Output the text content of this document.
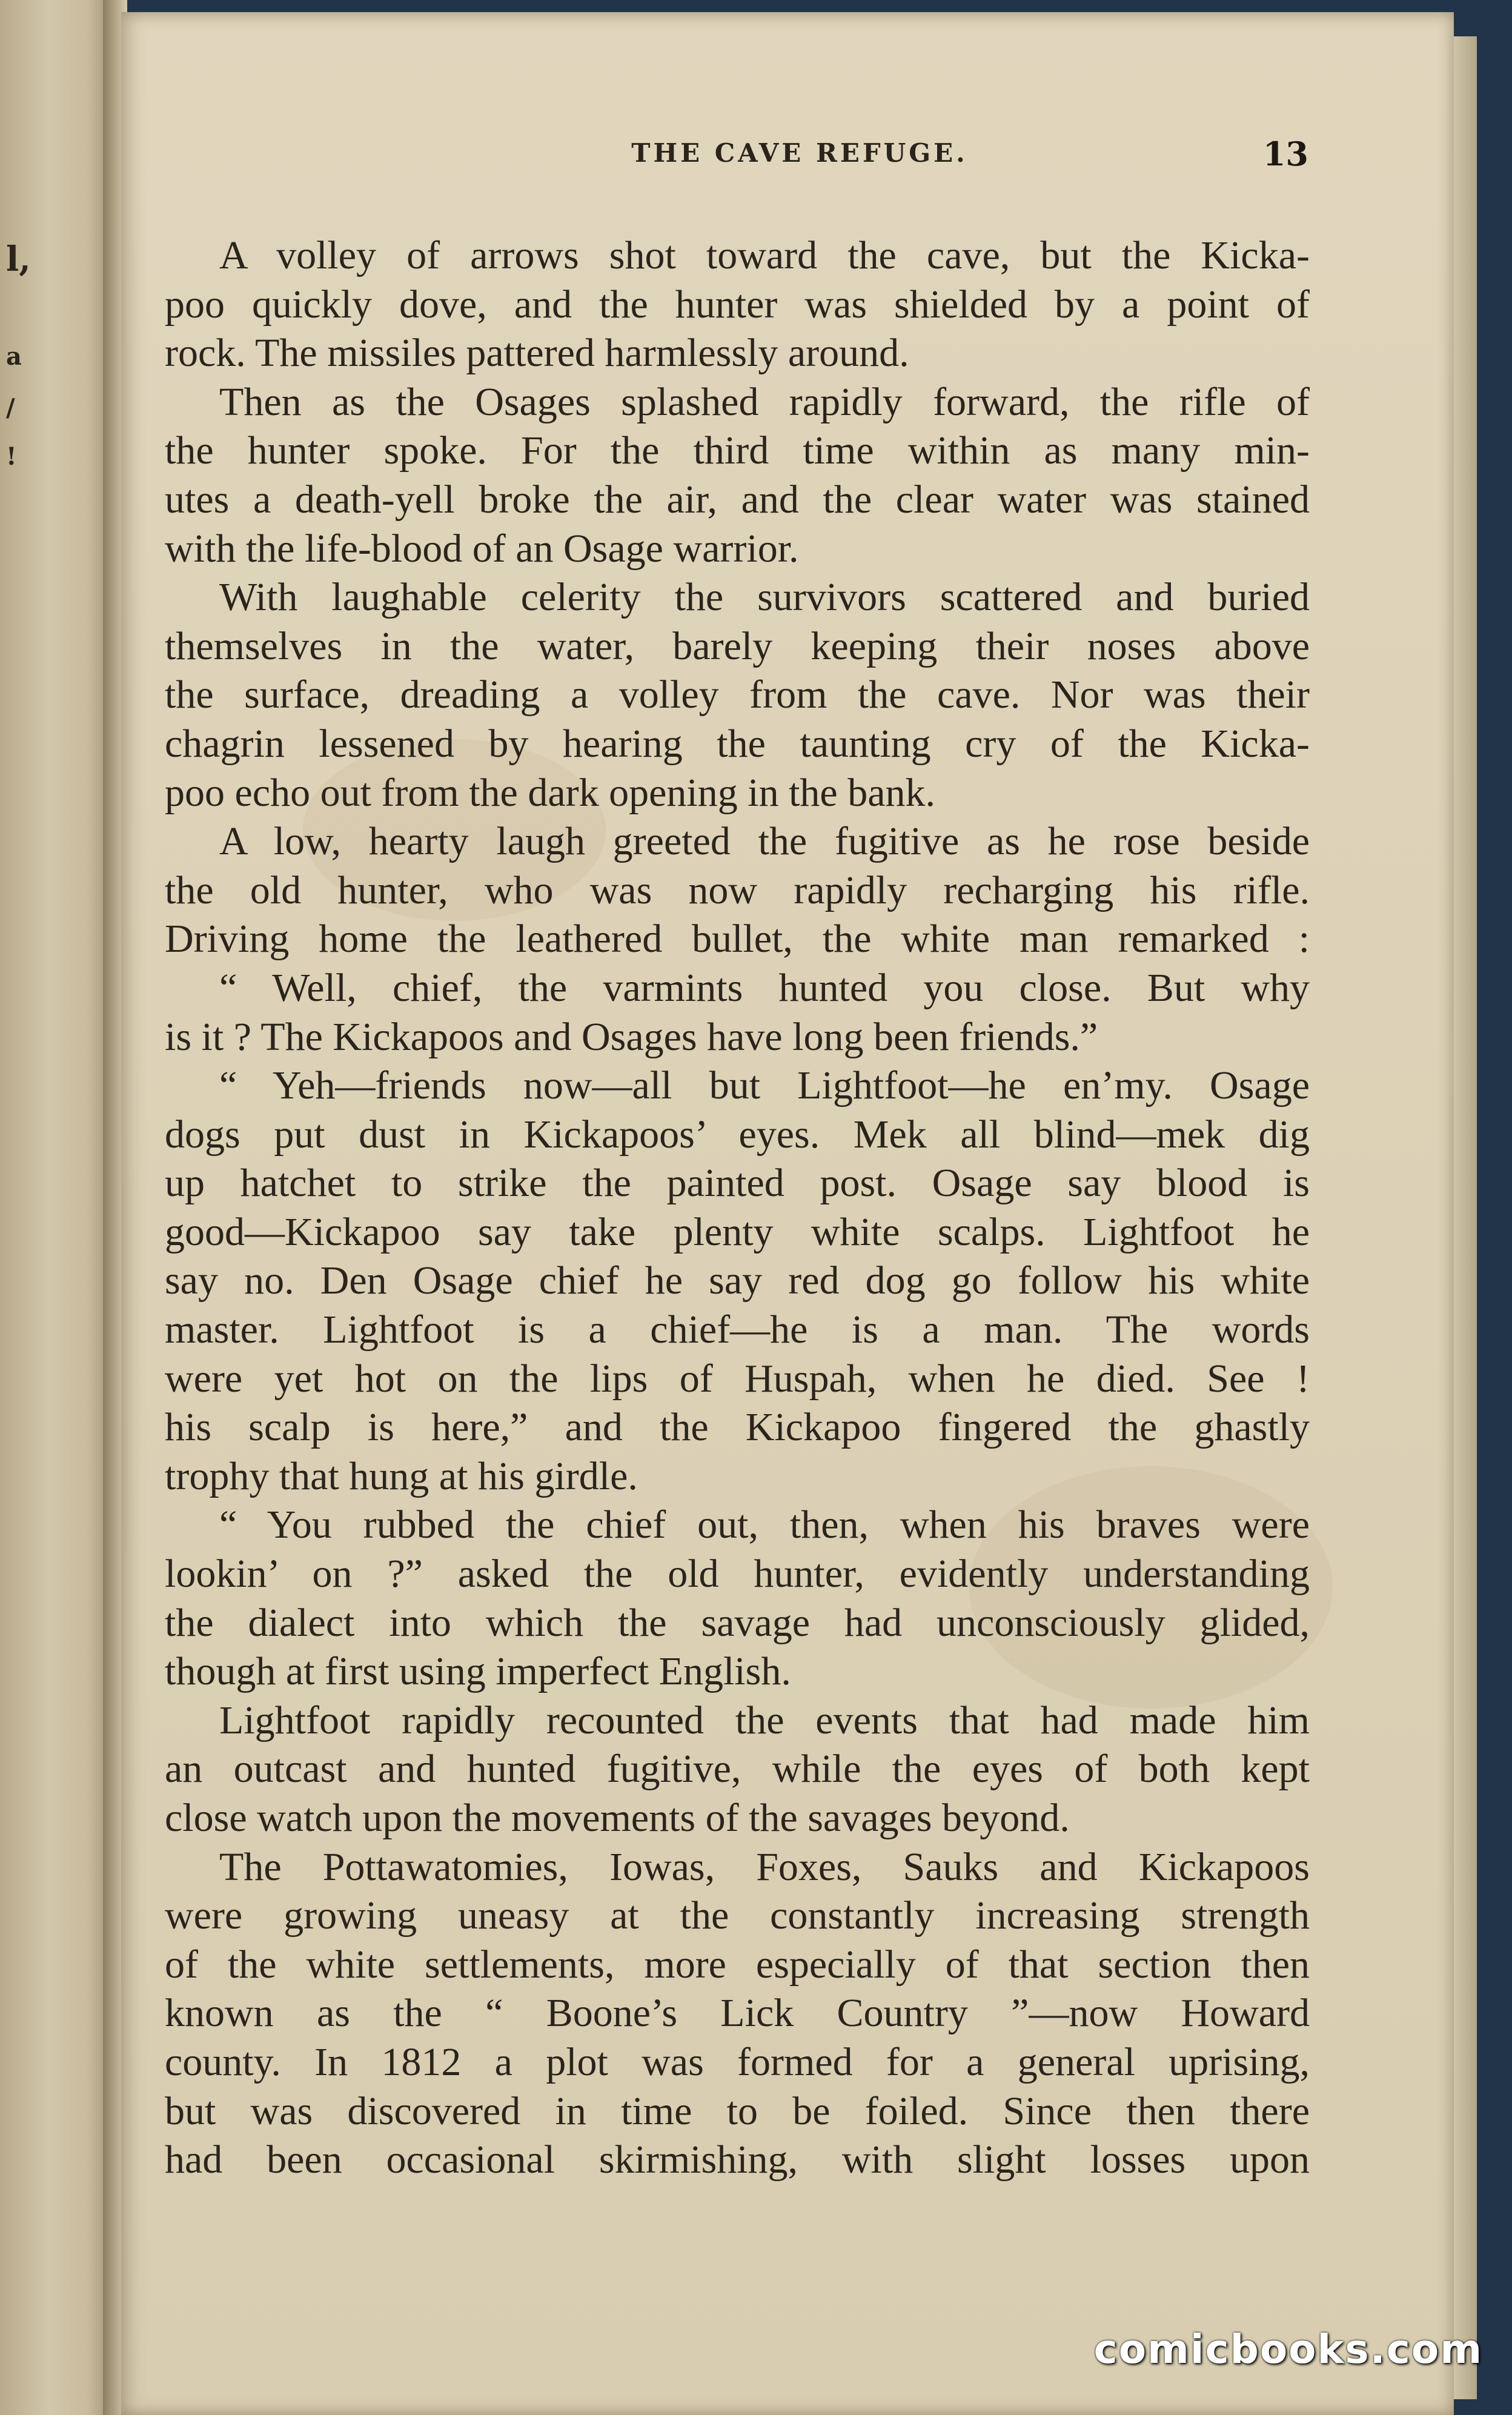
l,
a
/
!
THE CAVE REFUGE.	13
A volley of arrows shot toward the cave, but the Kicka-
poo quickly dove, and the hunter was shielded by a point of
rock. The missiles pattered harmlessly around.
Then as the Osages splashed rapidly forward, the rifle of
the hunter spoke. For the third time within as many min-
utes a death-yell broke the air, and the clear water was stained
with the life-blood of an Osage warrior.
With laughable celerity the survivors scattered and buried
themselves in the water, barely keeping their noses above
the surface, dreading a volley from the cave. Nor was their
chagrin lessened by hearing the taunting cry of the Kicka-
poo echo out from the dark opening in the bank.
A low, hearty laugh greeted the fugitive as he rose beside
the old hunter, who was now rapidly recharging his rifle.
Driving home the leathered bullet, the white man remarked :
“ Well, chief, the varmints hunted you close. But why
is it ? The Kickapoos and Osages have long been friends.”
“ Yeh—friends now—all but Lightfoot—he en’my. Osage
dogs put dust in Kickapoos’ eyes. Mek all blind—mek dig
up hatchet to strike the painted post. Osage say blood is
good—Kickapoo say take plenty white scalps. Lightfoot he
say no. Den Osage chief he say red dog go follow his white
master. Lightfoot is a chief—he is a man. The words
were yet hot on the lips of Huspah, when he died. See !
his scalp is here,” and the Kickapoo fingered the ghastly
trophy that hung at his girdle.
“ You rubbed the chief out, then, when his braves were
lookin’ on ?” asked the old hunter, evidently understanding
the dialect into which the savage had unconsciously glided,
though at first using imperfect English.
Lightfoot rapidly recounted the events that had made him
an outcast and hunted fugitive, while the eyes of both kept
close watch upon the movements of the savages beyond.
The Pottawatomies, Iowas, Foxes, Sauks and Kickapoos
were growing uneasy at the constantly increasing strength
of the white settlements, more especially of that section then
known as the “ Boone’s Lick Country ”—now Howard
county. In 1812 a plot was formed for a general uprising,
but was discovered in time to be foiled. Since then there
had been occasional skirmishing, with slight losses upon
comicbooks.com
